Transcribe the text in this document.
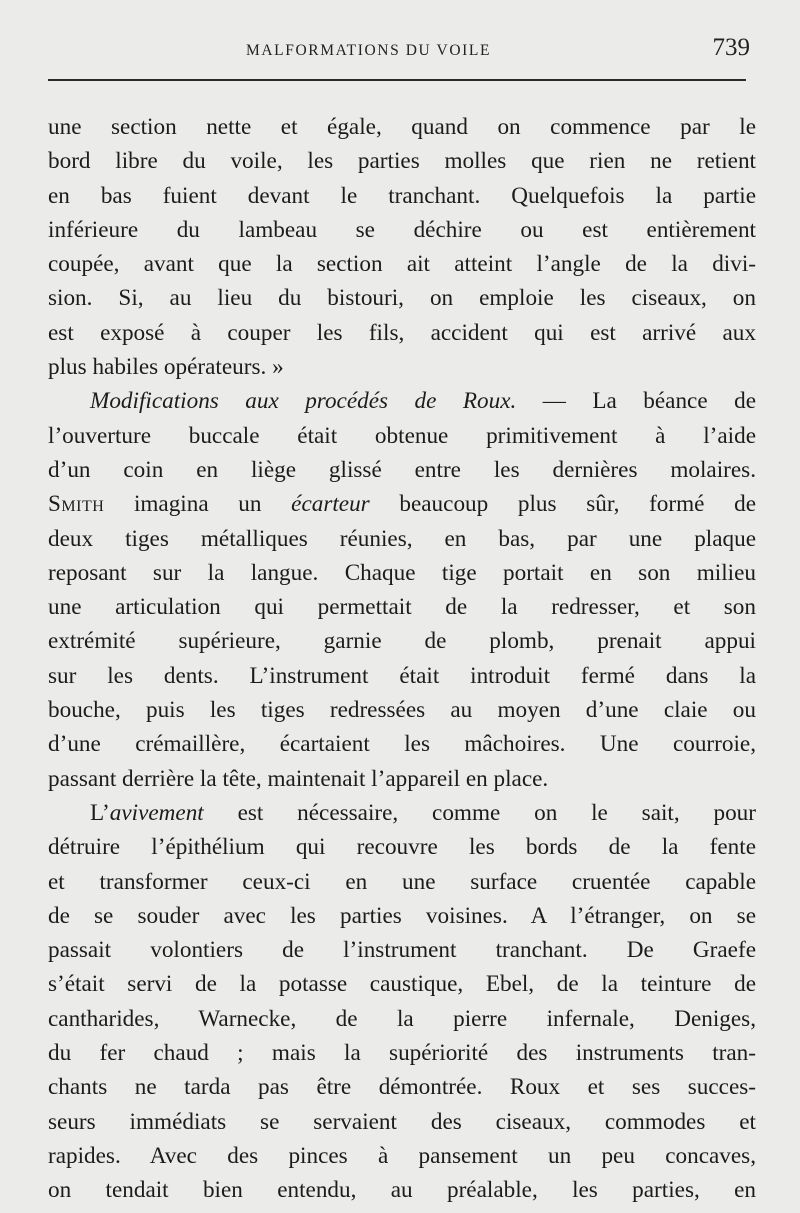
MALFORMATIONS DU VOILE	739
une section nette et égale, quand on commence par le
bord libre du voile, les parties molles que rien ne retient
en bas fuient devant le tranchant. Quelquefois la partie
inférieure du lambeau se déchire ou est entièrement
coupée, avant que la section ait atteint l’angle de la divi-
sion. Si, au lieu du bistouri, on emploie les ciseaux, on
est exposé à couper les fils, accident qui est arrivé aux
plus habiles opérateurs. »
Modifications aux procédés de Roux. — La béance de
l’ouverture buccale était obtenue primitivement à l’aide
d’un coin en liège glissé entre les dernières molaires.
Smith imagina un écarteur beaucoup plus sûr, formé de
deux tiges métalliques réunies, en bas, par une plaque
reposant sur la langue. Chaque tige portait en son milieu
une articulation qui permettait de la redresser, et son
extrémité supérieure, garnie de plomb, prenait appui
sur les dents. L’instrument était introduit fermé dans la
bouche, puis les tiges redressées au moyen d’une claie ou
d’une crémaillère, écartaient les mâchoires. Une courroie,
passant derrière la tête, maintenait l’appareil en place.
L’avivement est nécessaire, comme on le sait, pour
détruire l’épithélium qui recouvre les bords de la fente
et transformer ceux-ci en une surface cruentée capable
de se souder avec les parties voisines. A l’étranger, on se
passait volontiers de l’instrument tranchant. De Graefe
s’était servi de la potasse caustique, Ebel, de la teinture de
cantharides, Warnecke, de la pierre infernale, Deniges,
du fer chaud ; mais la supériorité des instruments tran-
chants ne tarda pas être démontrée. Roux et ses succes-
seurs immédiats se servaient des ciseaux, commodes et
rapides. Avec des pinces à pansement un peu concaves,
on tendait bien entendu, au préalable, les parties, en
